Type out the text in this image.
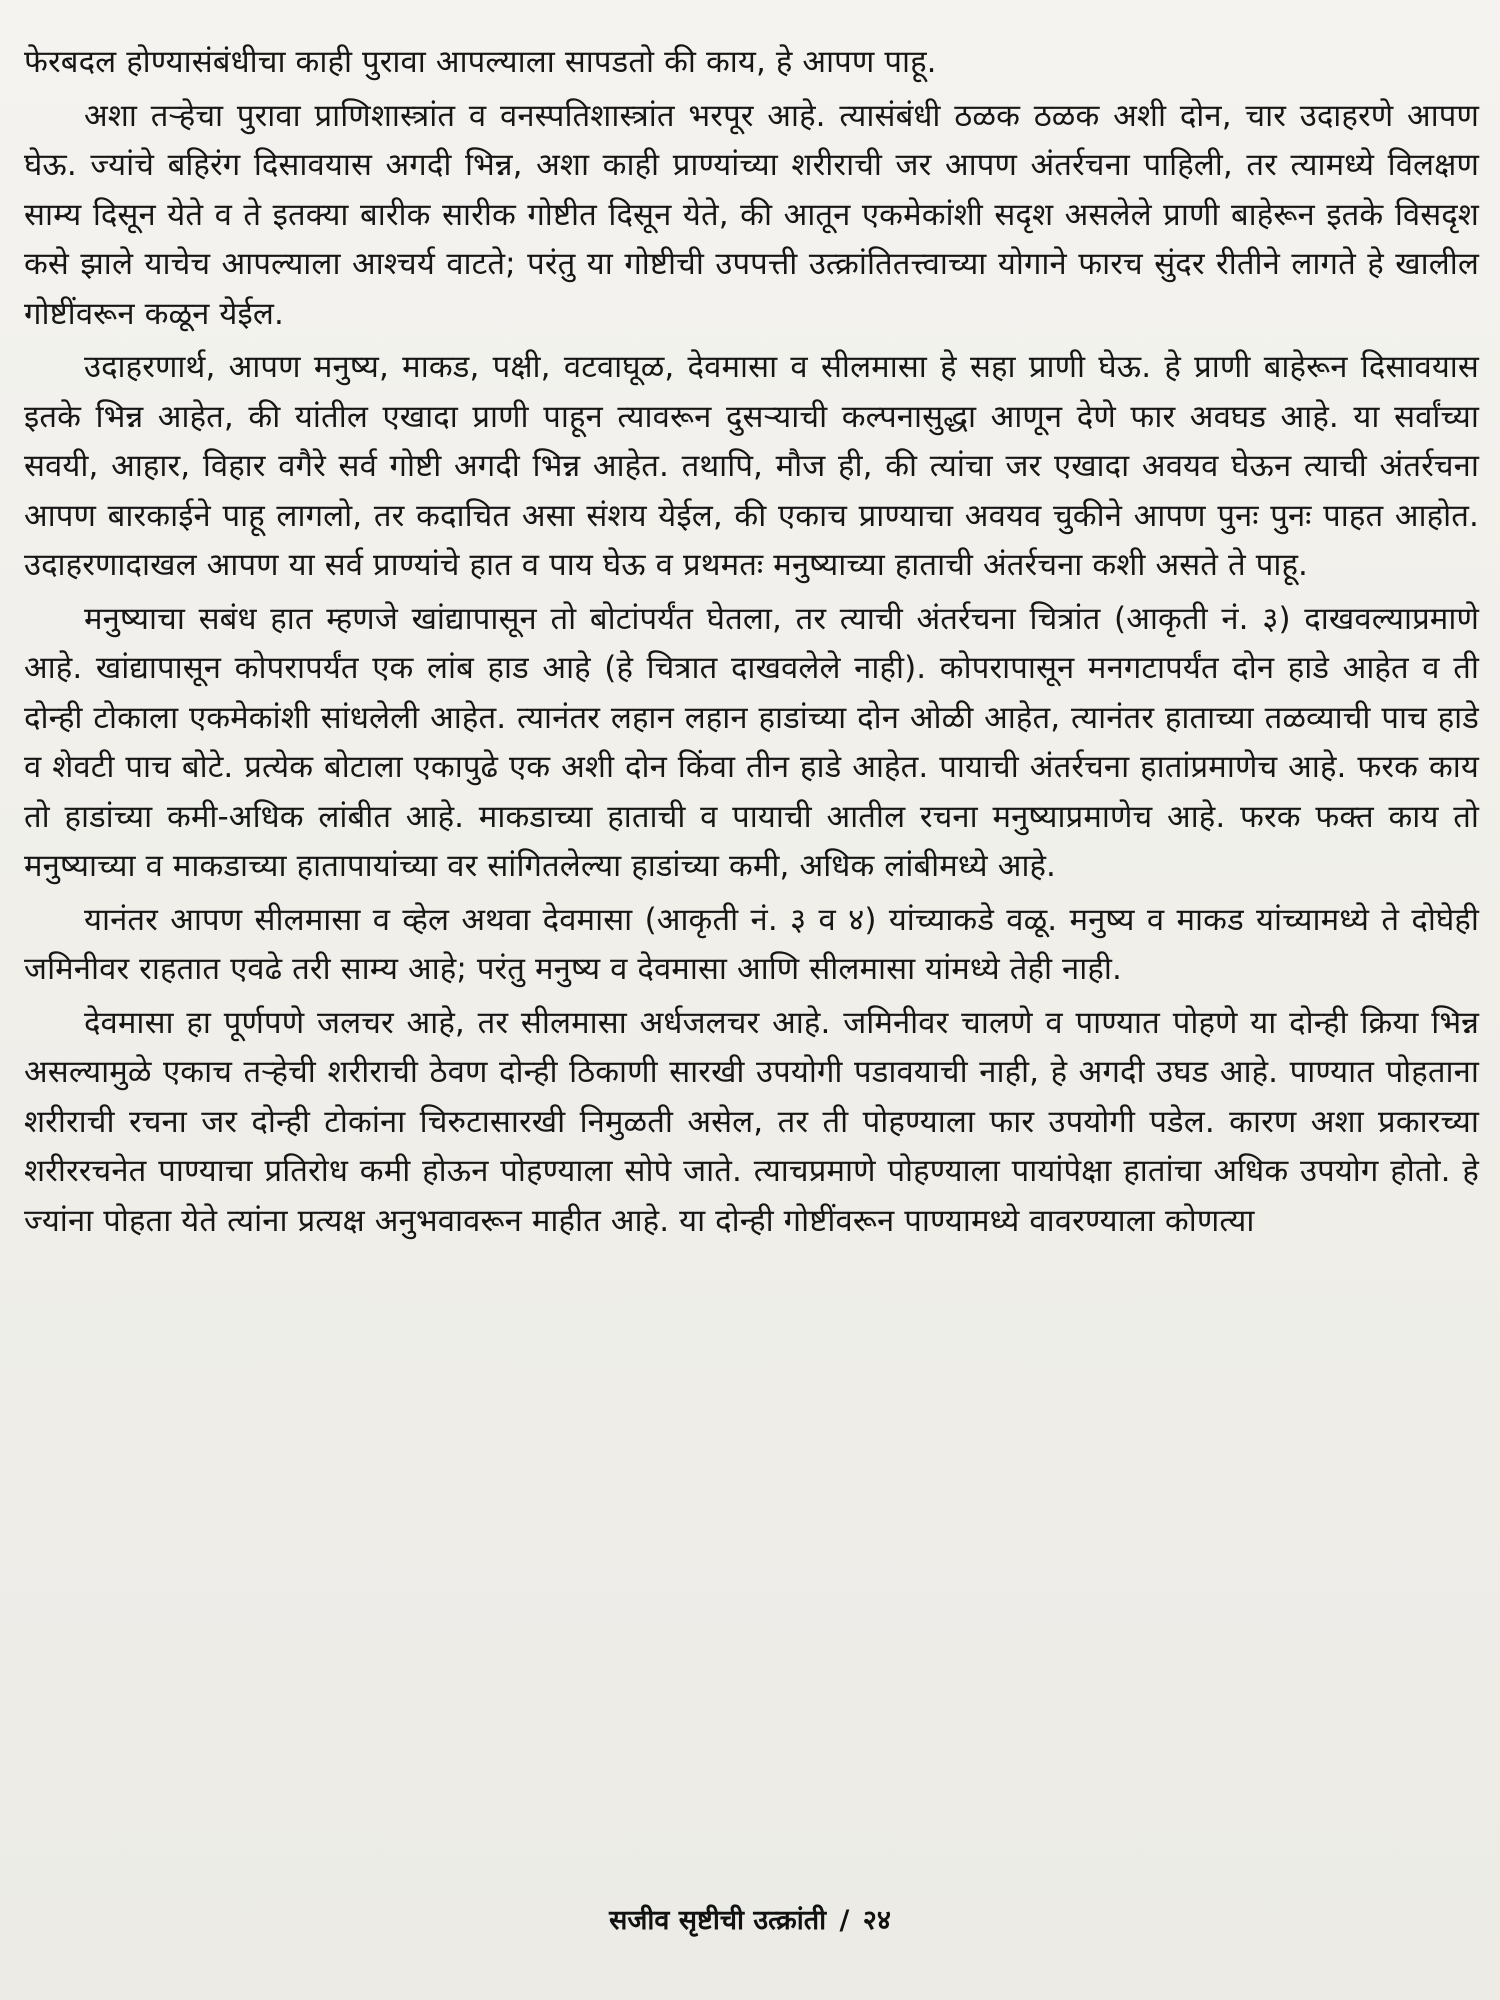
फेरबदल होण्यासंबंधीचा काही पुरावा आपल्याला सापडतो की काय, हे आपण पाहू.

अशा तऱ्हेचा पुरावा प्राणिशास्त्रांत व वनस्पतिशास्त्रांत भरपूर आहे. त्यासंबंधी ठळक ठळक अशी दोन, चार उदाहरणे आपण घेऊ. ज्यांचे बहिरंग दिसावयास अगदी भिन्न, अशा काही प्राण्यांच्या शरीराची जर आपण अंतर्रचना पाहिली, तर त्यामध्ये विलक्षण साम्य दिसून येते व ते इतक्या बारीक सारीक गोष्टीत दिसून येते, की आतून एकमेकांशी सदृश असलेले प्राणी बाहेरून इतके विसदृश कसे झाले याचेच आपल्याला आश्चर्य वाटते; परंतु या गोष्टीची उपपत्ती उत्क्रांतितत्त्वाच्या योगाने फारच सुंदर रीतीने लागते हे खालील गोष्टींवरून कळून येईल.

उदाहरणार्थ, आपण मनुष्य, माकड, पक्षी, वटवाघूळ, देवमासा व सीलमासा हे सहा प्राणी घेऊ. हे प्राणी बाहेरून दिसावयास इतके भिन्न आहेत, की यांतील एखादा प्राणी पाहून त्यावरून दुसऱ्याची कल्पनासुद्धा आणून देणे फार अवघड आहे. या सर्वांच्या सवयी, आहार, विहार वगैरे सर्व गोष्टी अगदी भिन्न आहेत. तथापि, मौज ही, की त्यांचा जर एखादा अवयव घेऊन त्याची अंतर्रचना आपण बारकाईने पाहू लागलो, तर कदाचित असा संशय येईल, की एकाच प्राण्याचा अवयव चुकीने आपण पुनः पुनः पाहत आहोत. उदाहरणादाखल आपण या सर्व प्राण्यांचे हात व पाय घेऊ व प्रथमतः मनुष्याच्या हाताची अंतर्रचना कशी असते ते पाहू.

मनुष्याचा सबंध हात म्हणजे खांद्यापासून तो बोटांपर्यंत घेतला, तर त्याची अंतर्रचना चित्रांत (आकृती नं. ३) दाखवल्याप्रमाणे आहे. खांद्यापासून कोपरापर्यंत एक लांब हाड आहे (हे चित्रात दाखवलेले नाही). कोपरापासून मनगटापर्यंत दोन हाडे आहेत व ती दोन्ही टोकाला एकमेकांशी सांधलेली आहेत. त्यानंतर लहान लहान हाडांच्या दोन ओळी आहेत, त्यानंतर हाताच्या तळव्याची पाच हाडे व शेवटी पाच बोटे. प्रत्येक बोटाला एकापुढे एक अशी दोन किंवा तीन हाडे आहेत. पायाची अंतर्रचना हातांप्रमाणेच आहे. फरक काय तो हाडांच्या कमी-अधिक लांबीत आहे. माकडाच्या हाताची व पायाची आतील रचना मनुष्याप्रमाणेच आहे. फरक फक्त काय तो मनुष्याच्या व माकडाच्या हातापायांच्या वर सांगितलेल्या हाडांच्या कमी, अधिक लांबीमध्ये आहे.

यानंतर आपण सीलमासा व व्हेल अथवा देवमासा (आकृती नं. ३ व ४) यांच्याकडे वळू. मनुष्य व माकड यांच्यामध्ये ते दोघेही जमिनीवर राहतात एवढे तरी साम्य आहे; परंतु मनुष्य व देवमासा आणि सीलमासा यांमध्ये तेही नाही.

देवमासा हा पूर्णपणे जलचर आहे, तर सीलमासा अर्धजलचर आहे. जमिनीवर चालणे व पाण्यात पोहणे या दोन्ही क्रिया भिन्न असल्यामुळे एकाच तऱ्हेची शरीराची ठेवण दोन्ही ठिकाणी सारखी उपयोगी पडावयाची नाही, हे अगदी उघड आहे. पाण्यात पोहताना शरीराची रचना जर दोन्ही टोकांना चिरुटासारखी निमुळती असेल, तर ती पोहण्याला फार उपयोगी पडेल. कारण अशा प्रकारच्या शरीररचनेत पाण्याचा प्रतिरोध कमी होऊन पोहण्याला सोपे जाते. त्याचप्रमाणे पोहण्याला पायांपेक्षा हातांचा अधिक उपयोग होतो. हे ज्यांना पोहता येते त्यांना प्रत्यक्ष अनुभवावरून माहीत आहे. या दोन्ही गोष्टींवरून पाण्यामध्ये वावरण्याला कोणत्या

सजीव सृष्टीची उत्क्रांती / २४
